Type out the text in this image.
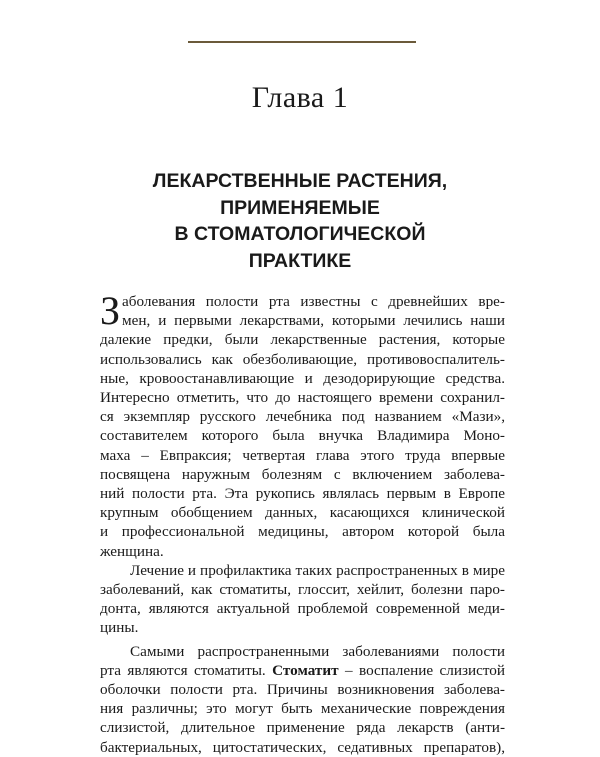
Глава 1
ЛЕКАРСТВЕННЫЕ РАСТЕНИЯ,
ПРИМЕНЯЕМЫЕ
В СТОМАТОЛОГИЧЕСКОЙ
ПРАКТИКЕ
З аболевания полости рта известны с древнейших вре-
мен, и первыми лекарствами, которыми лечились наши
далекие предки, были лекарственные растения, которые
использовались как обезболивающие, противовоспалитель-
ные, кровоостанавливающие и дезодорирующие средства.
Интересно отметить, что до настоящего времени сохранил-
ся экземпляр русского лечебника под названием «Мази»,
составителем которого была внучка Владимира Моно-
маха – Евпраксия; четвертая глава этого труда впервые
посвящена наружным болезням с включением заболева-
ний полости рта. Эта рукопись являлась первым в Европе
крупным обобщением данных, касающихся клинической
и профессиональной медицины, автором которой была
женщина.
Лечение и профилактика таких распространенных в мире
заболеваний, как стоматиты, глоссит, хейлит, болезни паро-
донта, являются актуальной проблемой современной меди-
цины.
Самыми распространенными заболеваниями полости
рта являются стоматиты. Стоматит – воспаление слизистой
оболочки полости рта. Причины возникновения заболева-
ния различны; это могут быть механические повреждения
слизистой, длительное применение ряда лекарств (анти-
бактериальных, цитостатических, седативных препаратов),
